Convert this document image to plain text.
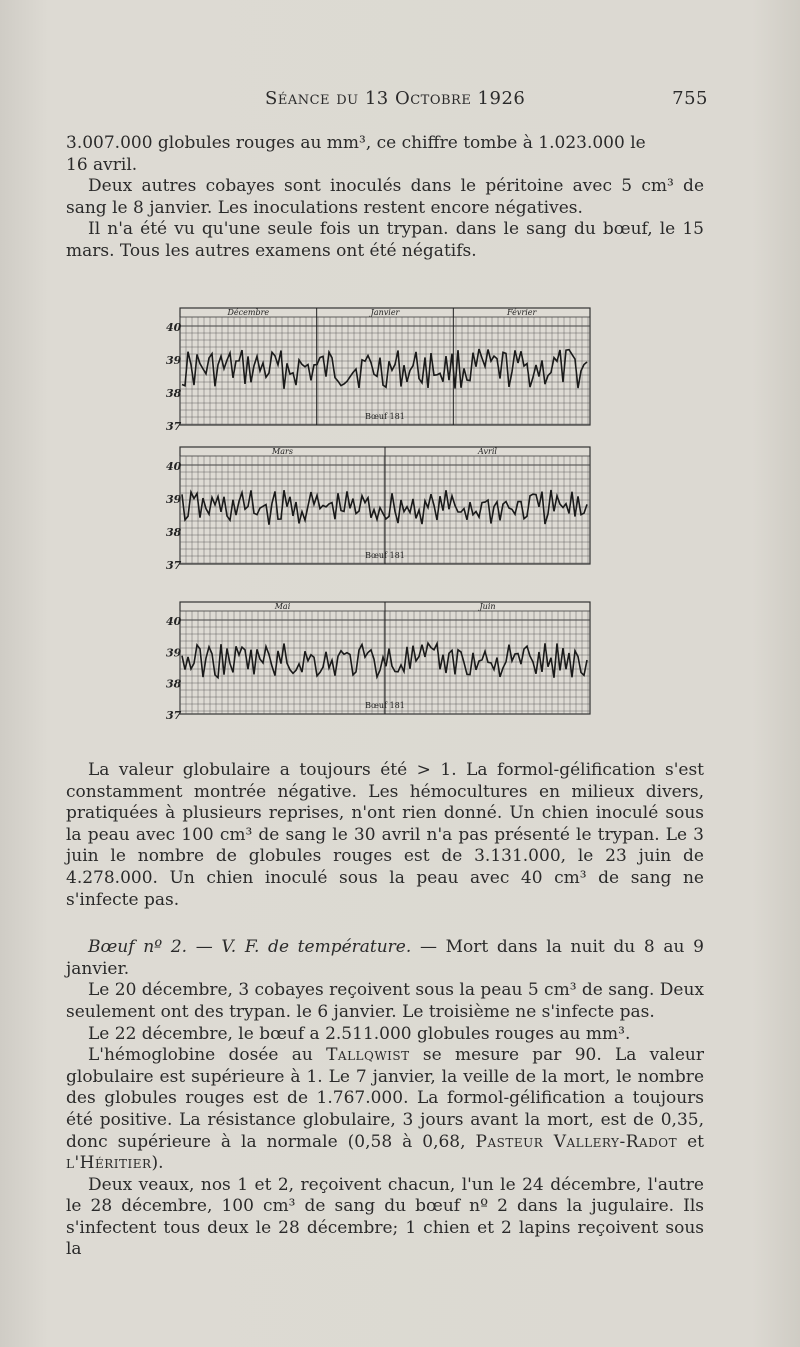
Séance du 13 Octobre 1926	755

3.007.000 globules rouges au mm³, ce chiffre tombe à 1.023.000 le

16 avril.

Deux autres cobayes sont inoculés dans le péritoine avec 5 cm³ de sang le 8 janvier. Les inoculations restent encore négatives.

Il n'a été vu qu'une seule fois un trypan. dans le sang du bœuf, le 15 mars. Tous les autres examens ont été négatifs.

Décembre	Janvier	Février
40
39
38
37
Bœuf 181
Mars	Avril
40
39
38
37
Bœuf 181
Mai	Juin
40
39
38
37
Bœuf 181

La valeur globulaire a toujours été > 1. La formol-gélification s'est constamment montrée négative. Les hémocultures en milieux divers, pratiquées à plusieurs reprises, n'ont rien donné. Un chien inoculé sous la peau avec 100 cm³ de sang le 30 avril n'a pas présenté le trypan. Le 3 juin le nombre de globules rouges est de 3.131.000, le 23 juin de 4.278.000. Un chien inoculé sous la peau avec 40 cm³ de sang ne s'infecte pas.

Bœuf nº 2. — V. F. de température. — Mort dans la nuit du 8 au 9 janvier.

Le 20 décembre, 3 cobayes reçoivent sous la peau 5 cm³ de sang. Deux seulement ont des trypan. le 6 janvier. Le troisième ne s'infecte pas.

Le 22 décembre, le bœuf a 2.511.000 globules rouges au mm³.

L'hémoglobine dosée au Tallqwist se mesure par 90. La valeur globulaire est supérieure à 1. Le 7 janvier, la veille de la mort, le nombre des globules rouges est de 1.767.000. La formol-gélification a toujours été positive. La résistance globulaire, 3 jours avant la mort, est de 0,35, donc supérieure à la normale (0,58 à 0,68, Pasteur Vallery-Radot et l'Héritier).

Deux veaux, nos 1 et 2, reçoivent chacun, l'un le 24 décembre, l'autre le 28 décembre, 100 cm³ de sang du bœuf nº 2 dans la jugulaire. Ils s'infectent tous deux le 28 décembre; 1 chien et 2 lapins reçoivent sous la
